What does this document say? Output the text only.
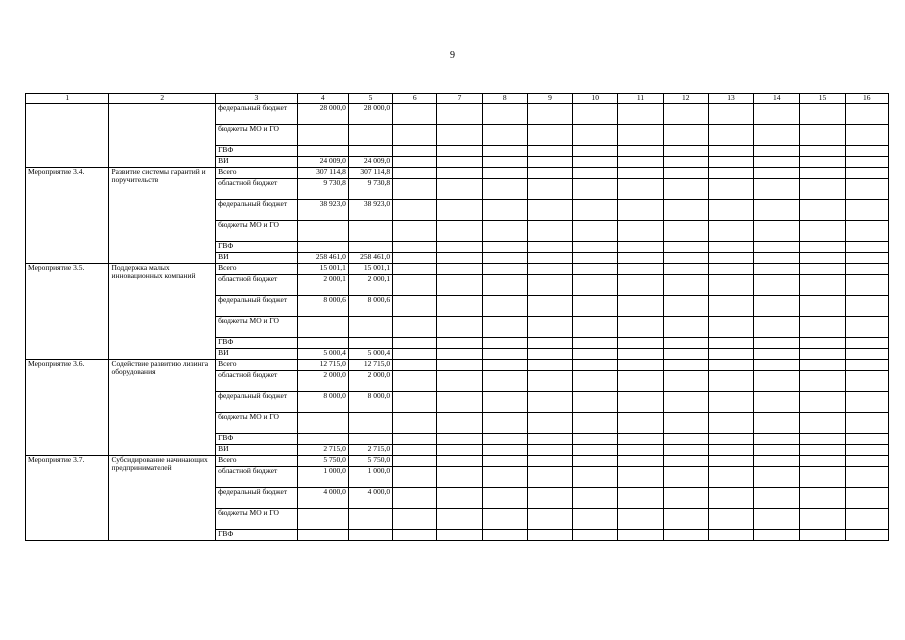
9
1	2	3	4	5	6	7	8	9	10	11	12	13	14	15	16
		федеральный бюджет	28 000,0	28 000,0											
		бюджеты МО и ГО													
		ГВФ													
		ВИ	24 009,0	24 009,0											
Мероприятие 3.4.	Развитие системы гарантий и поручительств	Всего	307 114,8	307 114,8											
		областной бюджет	9 730,8	9 730,8											
		федеральный бюджет	38 923,0	38 923,0											
		бюджеты МО и ГО													
		ГВФ													
		ВИ	258 461,0	258 461,0											
Мероприятие 3.5.	Поддержка малых инновационных компаний	Всего	15 001,1	15 001,1											
		областной бюджет	2 000,1	2 000,1											
		федеральный бюджет	8 000,6	8 000,6											
		бюджеты МО и ГО													
		ГВФ													
		ВИ	5 000,4	5 000,4											
Мероприятие 3.6.	Содействие развитию лизинга оборудования	Всего	12 715,0	12 715,0											
		областной бюджет	2 000,0	2 000,0											
		федеральный бюджет	8 000,0	8 000,0											
		бюджеты МО и ГО													
		ГВФ													
		ВИ	2 715,0	2 715,0											
Мероприятие 3.7.	Субсидирование начинающих предпринимателей	Всего	5 750,0	5 750,0											
		областной бюджет	1 000,0	1 000,0											
		федеральный бюджет	4 000,0	4 000,0											
		бюджеты МО и ГО													
		ГВФ													
